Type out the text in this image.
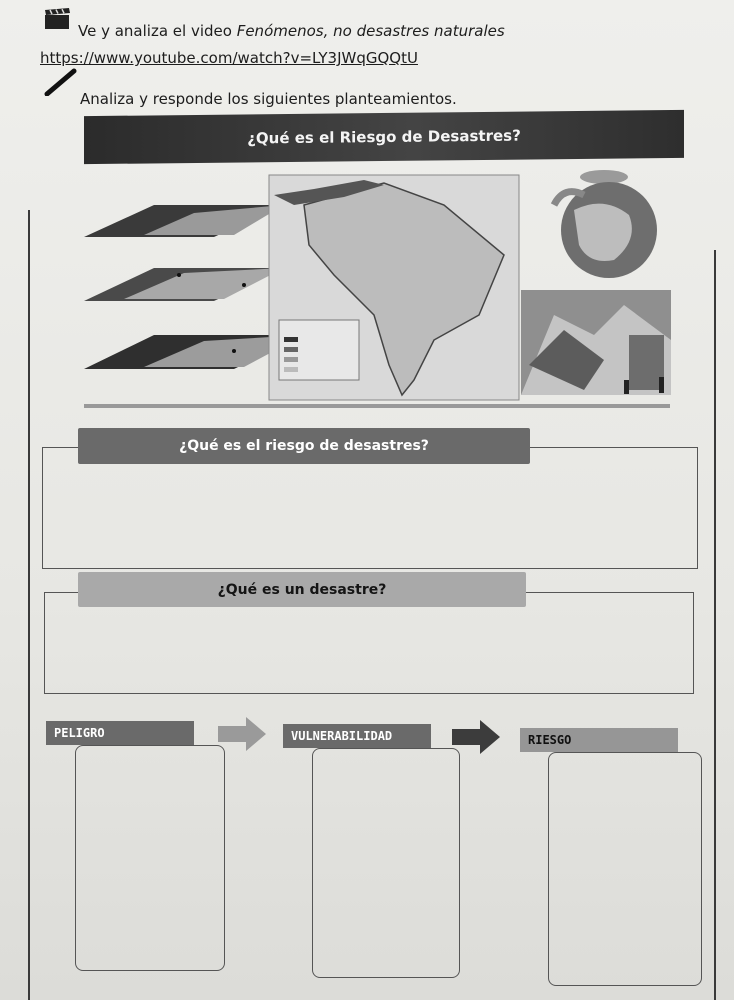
Ve y analiza el video Fenómenos, no desastres naturales
https://www.youtube.com/watch?v=LY3JWqGQQtU
Analiza y responde los siguientes planteamientos.
¿Qué es el Riesgo de Desastres?
¿Qué es el riesgo de desastres?
¿Qué es un desastre?
PELIGRO	VULNERABILIDAD	RIESGO
